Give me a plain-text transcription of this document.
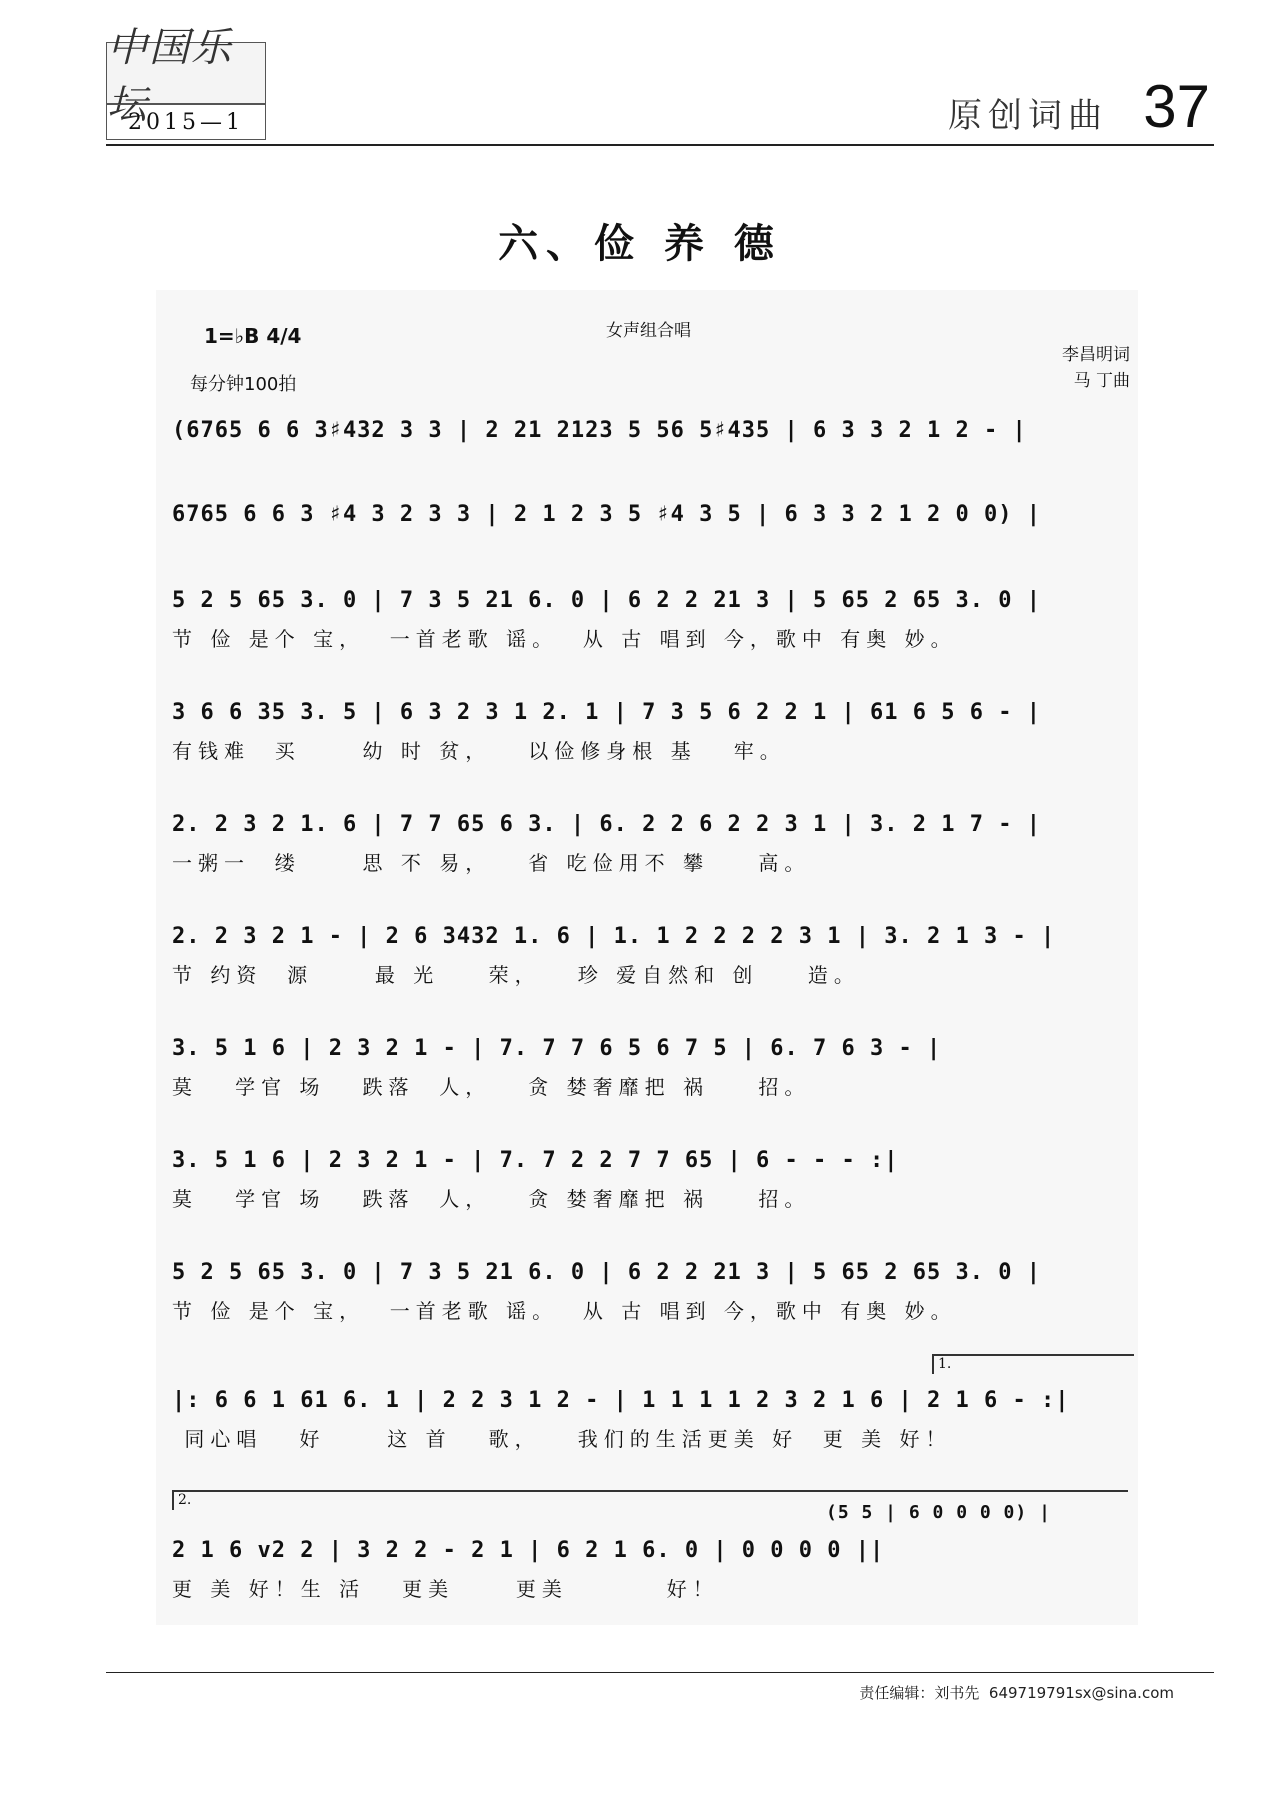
中国乐坛
2015—1	原创词曲 37
六、俭 养 德
1=♭B 4/4
每分钟100拍
女声组合唱
李昌明词
马 丁曲
(6765 6 6 3♯432 3 3 | 2 21 2123 5 56 5♯435 | 6 3 3 2 1 2 - |
6765 6 6 3 ♯4 3 2 3 3 | 2 1 2 3 5 ♯4 3 5 | 6 3 3 2 1 2 0 0) |
5 2 5 65 3. 0 | 7 3 5 21 6. 0 | 6 2 2 21 3 | 5 65 2 65 3. 0 |
节 俭 是个 宝，  一首老歌 谣。  从 古 唱到 今，歌中 有奥 妙。
3 6 6 35 3. 5 | 6 3 2 3 1 2. 1 | 7 3 5 6 2 2 1 | 61 6 5 6 - |
有钱难  买     幼 时 贫，   以俭修身根 基   牢。
2. 2 3 2 1. 6 | 7 7 65 6 3. | 6. 2 2 6 2 2 3 1 | 3. 2 1 7 - |
一粥一  缕     思 不 易，   省 吃俭用不 攀    高。
2. 2 3 2 1 - | 2 6 3432 1. 6 | 1. 1 2 2 2 2 3 1 | 3. 2 1 3 - |
节 约资  源     最 光    荣，   珍 爱自然和 创    造。
3. 5 1 6 | 2 3 2 1 - | 7. 7 7 6 5 6 7 5 | 6. 7 6 3 - |
莫   学官 场   跌落  人，   贪 婪奢靡把 祸    招。
3. 5 1 6 | 2 3 2 1 - | 7. 7 2 2 7 7 65 | 6 - - - :|
莫   学官 场   跌落  人，   贪 婪奢靡把 祸    招。
5 2 5 65 3. 0 | 7 3 5 21 6. 0 | 6 2 2 21 3 | 5 65 2 65 3. 0 |
节 俭 是个 宝，  一首老歌 谣。  从 古 唱到 今，歌中 有奥 妙。
1.
|: 6 6 1 61 6. 1 | 2 2 3 1 2 - | 1 1 1 1 2 3 2 1 6 | 2 1 6 - :|
同心唱   好     这 首   歌，   我们的生活更美 好  更 美 好！
2.
(5 5 | 6 0 0 0 0) |
2 1 6 v2 2 | 3 2 2 - 2 1 | 6 2 1 6. 0 | 0 0 0 0 ||
更 美 好！生 活   更美     更美        好！
责任编辑：刘书先 649719791sx@sina.com
